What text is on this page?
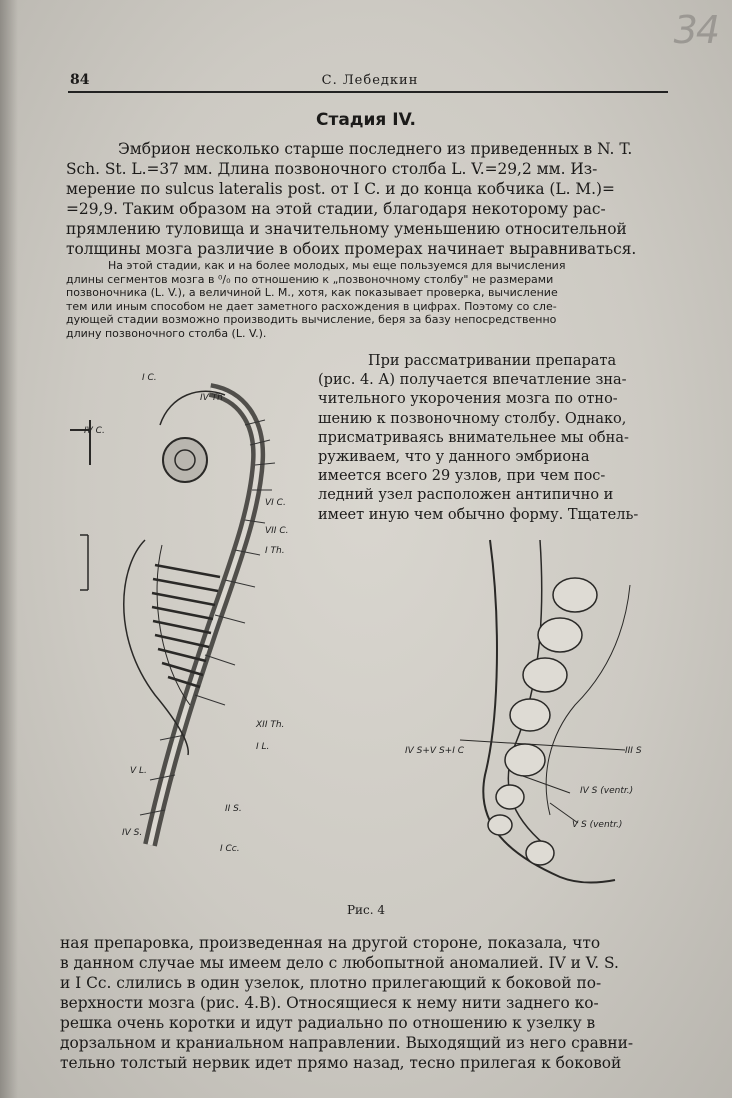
34
84	С. Лебедкин
Стадия IV.
Эмбрион несколько старше последнего из приведенных в N. T.
Sch. St. L.=37 мм. Длина позвоночного столба L. V.=29,2 мм. Из-
мерение по sulcus lateralis post. от I C. и до конца кобчика (L. M.)=
=29,9. Таким образом на этой стадии, благодаря некоторому рас-
прямлению туловища и значительному уменьшению относительной
толщины мозга различие в обоих промерах начинает выравниваться.
На этой стадии, как и на более молодых, мы еще пользуемся для вычисления
длины сегментов мозга в ⁰/₀ по отношению к „позвоночному столбу" не размерами
позвоночника (L. V.), а величиной L. M., хотя, как показывает проверка, вычисление
тем или иным способом не дает заметного расхождения в цифрах. Поэтому со сле-
дующей стадии возможно производить вычисление, беря за базу непосредственно
длину позвоночного столба (L. V.).
При рассматривании препарата
(рис. 4. А) получается впечатление зна-
чительного укорочения мозга по отно-
шению к позвоночному столбу. Однако,
присматриваясь внимательнее мы обна-
руживаем, что у данного эмбриона
имеется всего 29 узлов, при чем пос-
ледний узел расположен антипично и
имеет иную чем обычно форму. Тщатель-
I C.
IV C.
IV Th
VI C.
VII C.
I Th.
XII Th.
I L.
V L.
II S.
IV S.
I Cc.
IV S+V S+I C	III S
IV S (ventr.)
V S (ventr.)
Рис. 4
ная препаровка, произведенная на другой стороне, показала, что
в данном случае мы имеем дело с любопытной аномалией. IV и V. S.
и I Cc. слились в один узелок, плотно прилегающий к боковой по-
верхности мозга (рис. 4.B). Относящиеся к нему нити заднего ко-
решка очень коротки и идут радиально по отношению к узелку в
дорзальном и краниальном направлении. Выходящий из него сравни-
тельно толстый нервик идет прямо назад, тесно прилегая к боковой
